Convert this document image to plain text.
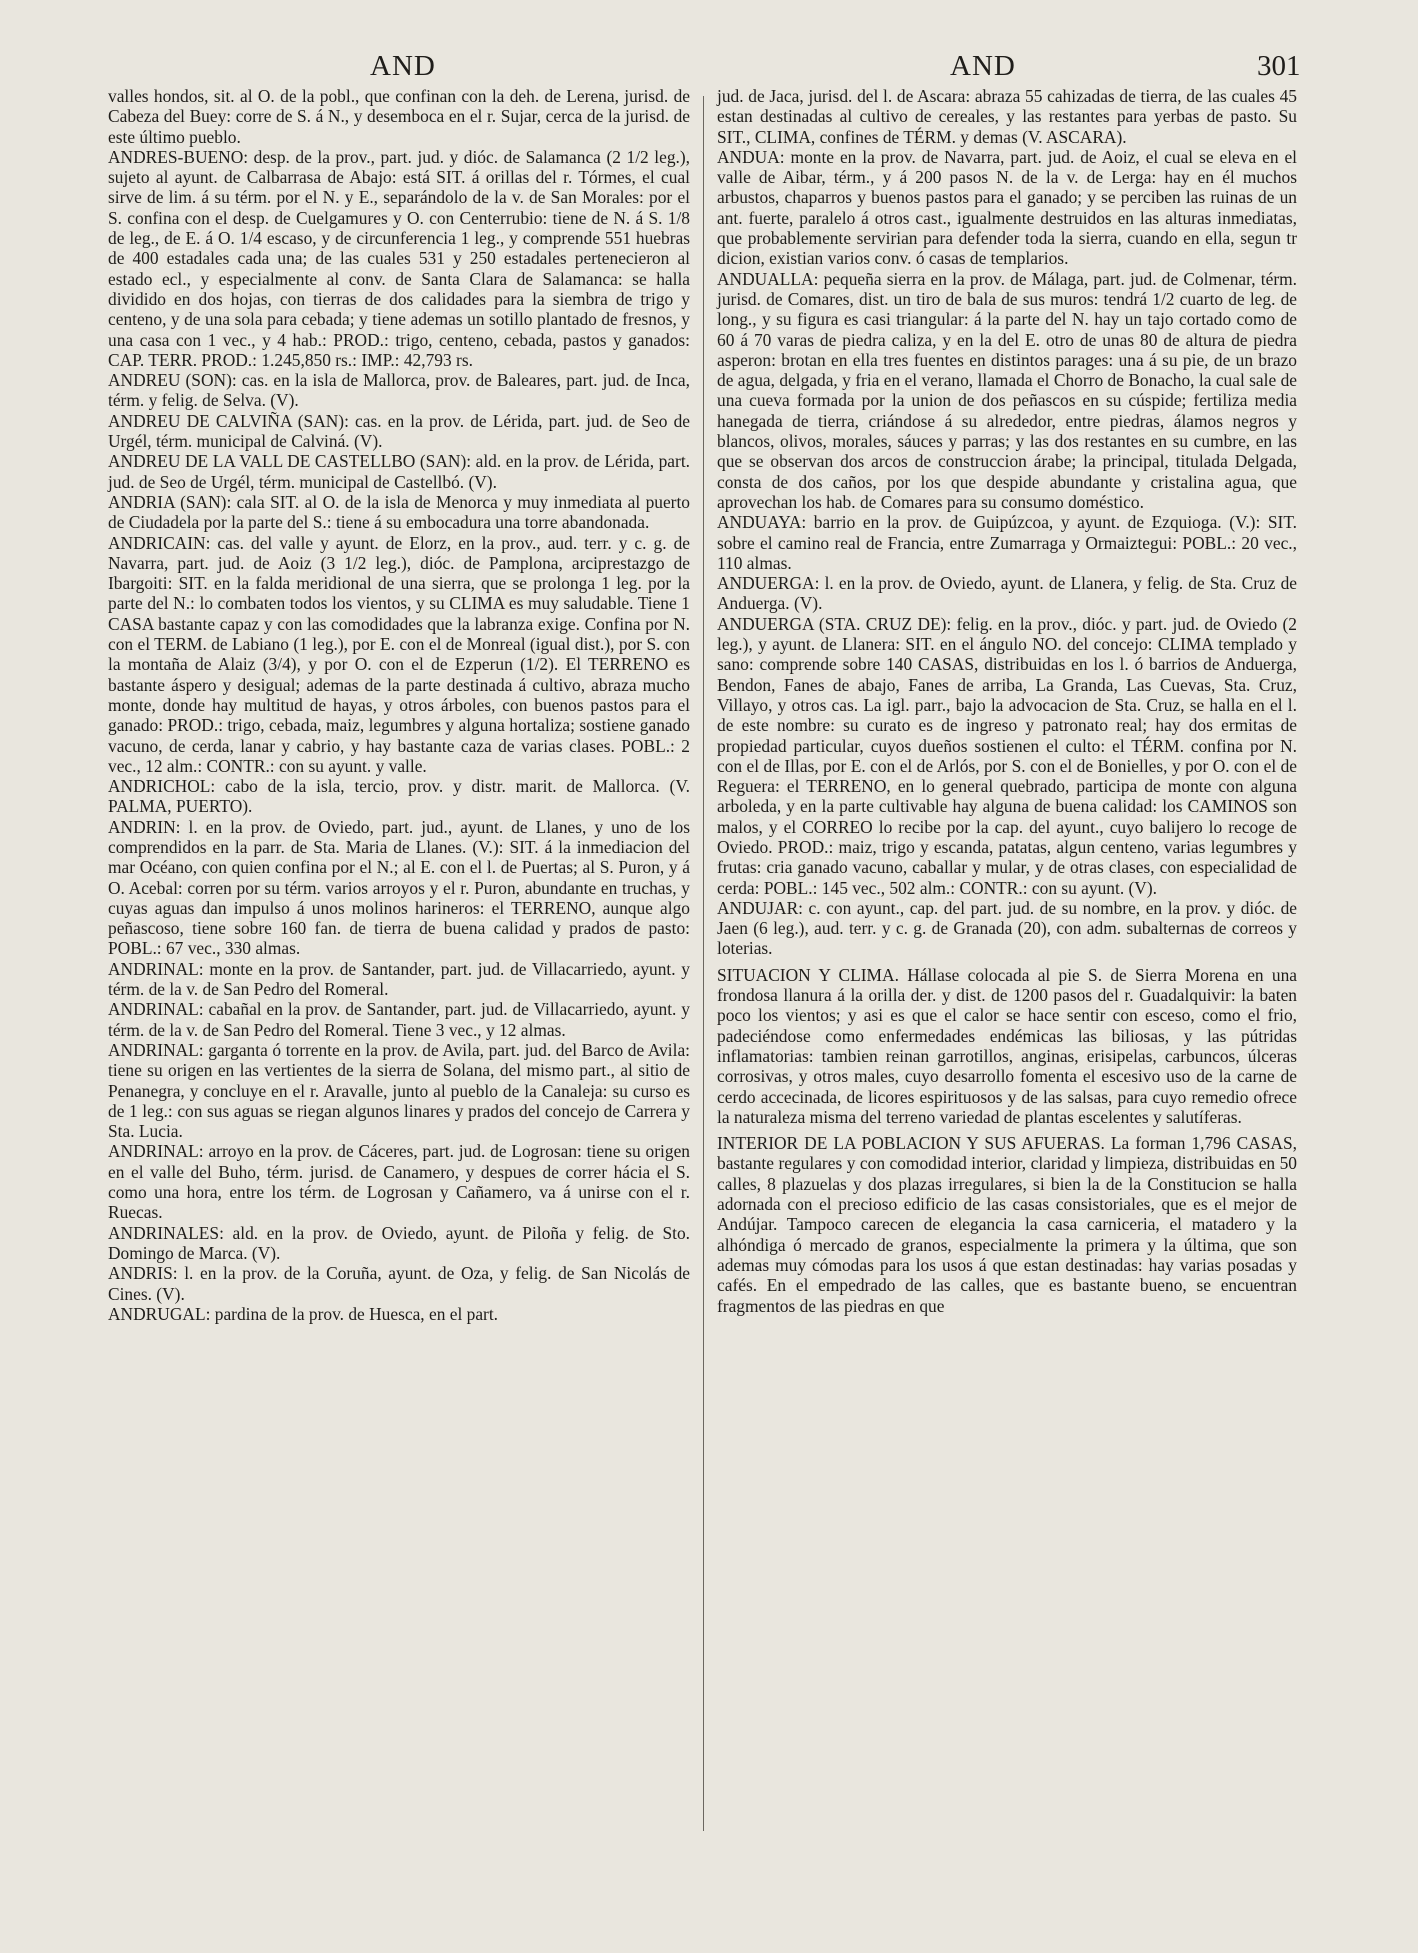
AND	AND	301

valles hondos, sit. al O. de la pobl., que confinan con la deh. de Lerena, jurisd. de Cabeza del Buey: corre de S. á N., y desemboca en el r. Sujar, cerca de la jurisd. de este último pueblo.

ANDRES-BUENO: desp. de la prov., part. jud. y dióc. de Salamanca (2 1/2 leg.), sujeto al ayunt. de Calbarrasa de Abajo: está SIT. á orillas del r. Tórmes, el cual sirve de lim. á su térm. por el N. y E., separándolo de la v. de San Morales: por el S. confina con el desp. de Cuelgamures y O. con Centerrubio: tiene de N. á S. 1/8 de leg., de E. á O. 1/4 escaso, y de circunferencia 1 leg., y comprende 551 huebras de 400 estadales cada una; de las cuales 531 y 250 estadales pertenecieron al estado ecl., y especialmente al conv. de Santa Clara de Salamanca: se halla dividido en dos hojas, con tierras de dos calidades para la siembra de trigo y centeno, y de una sola para cebada; y tiene ademas un sotillo plantado de fresnos, y una casa con 1 vec., y 4 hab.: PROD.: trigo, centeno, cebada, pastos y ganados: CAP. TERR. PROD.: 1.245,850 rs.: IMP.: 42,793 rs.

ANDREU (SON): cas. en la isla de Mallorca, prov. de Baleares, part. jud. de Inca, térm. y felig. de Selva. (V).

ANDREU DE CALVIÑA (SAN): cas. en la prov. de Lérida, part. jud. de Seo de Urgél, térm. municipal de Calviná. (V).

ANDREU DE LA VALL DE CASTELLBO (SAN): ald. en la prov. de Lérida, part. jud. de Seo de Urgél, térm. municipal de Castellbó. (V).

ANDRIA (SAN): cala SIT. al O. de la isla de Menorca y muy inmediata al puerto de Ciudadela por la parte del S.: tiene á su embocadura una torre abandonada.

ANDRICAIN: cas. del valle y ayunt. de Elorz, en la prov., aud. terr. y c. g. de Navarra, part. jud. de Aoiz (3 1/2 leg.), dióc. de Pamplona, arciprestazgo de Ibargoiti: SIT. en la falda meridional de una sierra, que se prolonga 1 leg. por la parte del N.: lo combaten todos los vientos, y su CLIMA es muy saludable. Tiene 1 CASA bastante capaz y con las comodidades que la labranza exige. Confina por N. con el TERM. de Labiano (1 leg.), por E. con el de Monreal (igual dist.), por S. con la montaña de Alaiz (3/4), y por O. con el de Ezperun (1/2). El TERRENO es bastante áspero y desigual; ademas de la parte destinada á cultivo, abraza mucho monte, donde hay multitud de hayas, y otros árboles, con buenos pastos para el ganado: PROD.: trigo, cebada, maiz, legumbres y alguna hortaliza; sostiene ganado vacuno, de cerda, lanar y cabrio, y hay bastante caza de varias clases. POBL.: 2 vec., 12 alm.: CONTR.: con su ayunt. y valle.

ANDRICHOL: cabo de la isla, tercio, prov. y distr. marit. de Mallorca. (V. PALMA, PUERTO).

ANDRIN: l. en la prov. de Oviedo, part. jud., ayunt. de Llanes, y uno de los comprendidos en la parr. de Sta. Maria de Llanes. (V.): SIT. á la inmediacion del mar Océano, con quien confina por el N.; al E. con el l. de Puertas; al S. Puron, y á O. Acebal: corren por su térm. varios arroyos y el r. Puron, abundante en truchas, y cuyas aguas dan impulso á unos molinos harineros: el TERRENO, aunque algo peñascoso, tiene sobre 160 fan. de tierra de buena calidad y prados de pasto: POBL.: 67 vec., 330 almas.

ANDRINAL: monte en la prov. de Santander, part. jud. de Villacarriedo, ayunt. y térm. de la v. de San Pedro del Romeral.

ANDRINAL: cabañal en la prov. de Santander, part. jud. de Villacarriedo, ayunt. y térm. de la v. de San Pedro del Romeral. Tiene 3 vec., y 12 almas.

ANDRINAL: garganta ó torrente en la prov. de Avila, part. jud. del Barco de Avila: tiene su origen en las vertientes de la sierra de Solana, del mismo part., al sitio de Penanegra, y concluye en el r. Aravalle, junto al pueblo de la Canaleja: su curso es de 1 leg.: con sus aguas se riegan algunos linares y prados del concejo de Carrera y Sta. Lucia.

ANDRINAL: arroyo en la prov. de Cáceres, part. jud. de Logrosan: tiene su origen en el valle del Buho, térm. jurisd. de Canamero, y despues de correr hácia el S. como una hora, entre los térm. de Logrosan y Cañamero, va á unirse con el r. Ruecas.

ANDRINALES: ald. en la prov. de Oviedo, ayunt. de Piloña y felig. de Sto. Domingo de Marca. (V).

ANDRIS: l. en la prov. de la Coruña, ayunt. de Oza, y felig. de San Nicolás de Cines. (V).

ANDRUGAL: pardina de la prov. de Huesca, en el part.

jud. de Jaca, jurisd. del l. de Ascara: abraza 55 cahizadas de tierra, de las cuales 45 estan destinadas al cultivo de cereales, y las restantes para yerbas de pasto. Su SIT., CLIMA, confines de TÉRM. y demas (V. ASCARA).

ANDUA: monte en la prov. de Navarra, part. jud. de Aoiz, el cual se eleva en el valle de Aibar, térm., y á 200 pasos N. de la v. de Lerga: hay en él muchos arbustos, chaparros y buenos pastos para el ganado; y se perciben las ruinas de un ant. fuerte, paralelo á otros cast., igualmente destruidos en las alturas inmediatas, que probablemente servirian para defender toda la sierra, cuando en ella, segun tr dicion, existian varios conv. ó casas de templarios.

ANDUALLA: pequeña sierra en la prov. de Málaga, part. jud. de Colmenar, térm. jurisd. de Comares, dist. un tiro de bala de sus muros: tendrá 1/2 cuarto de leg. de long., y su figura es casi triangular: á la parte del N. hay un tajo cortado como de 60 á 70 varas de piedra caliza, y en la del E. otro de unas 80 de altura de piedra asperon: brotan en ella tres fuentes en distintos parages: una á su pie, de un brazo de agua, delgada, y fria en el verano, llamada el Chorro de Bonacho, la cual sale de una cueva formada por la union de dos peñascos en su cúspide; fertiliza media hanegada de tierra, criándose á su alrededor, entre piedras, álamos negros y blancos, olivos, morales, sáuces y parras; y las dos restantes en su cumbre, en las que se observan dos arcos de construccion árabe; la principal, titulada Delgada, consta de dos caños, por los que despide abundante y cristalina agua, que aprovechan los hab. de Comares para su consumo doméstico.

ANDUAYA: barrio en la prov. de Guipúzcoa, y ayunt. de Ezquioga. (V.): SIT. sobre el camino real de Francia, entre Zumarraga y Ormaiztegui: POBL.: 20 vec., 110 almas.

ANDUERGA: l. en la prov. de Oviedo, ayunt. de Llanera, y felig. de Sta. Cruz de Anduerga. (V).

ANDUERGA (STA. CRUZ DE): felig. en la prov., dióc. y part. jud. de Oviedo (2 leg.), y ayunt. de Llanera: SIT. en el ángulo NO. del concejo: CLIMA templado y sano: comprende sobre 140 CASAS, distribuidas en los l. ó barrios de Anduerga, Bendon, Fanes de abajo, Fanes de arriba, La Granda, Las Cuevas, Sta. Cruz, Villayo, y otros cas. La igl. parr., bajo la advocacion de Sta. Cruz, se halla en el l. de este nombre: su curato es de ingreso y patronato real; hay dos ermitas de propiedad particular, cuyos dueños sostienen el culto: el TÉRM. confina por N. con el de Illas, por E. con el de Arlós, por S. con el de Bonielles, y por O. con el de Reguera: el TERRENO, en lo general quebrado, participa de monte con alguna arboleda, y en la parte cultivable hay alguna de buena calidad: los CAMINOS son malos, y el CORREO lo recibe por la cap. del ayunt., cuyo balijero lo recoge de Oviedo. PROD.: maiz, trigo y escanda, patatas, algun centeno, varias legumbres y frutas: cria ganado vacuno, caballar y mular, y de otras clases, con especialidad de cerda: POBL.: 145 vec., 502 alm.: CONTR.: con su ayunt. (V).

ANDUJAR: c. con ayunt., cap. del part. jud. de su nombre, en la prov. y dióc. de Jaen (6 leg.), aud. terr. y c. g. de Granada (20), con adm. subalternas de correos y loterias.

SITUACION Y CLIMA. Hállase colocada al pie S. de Sierra Morena en una frondosa llanura á la orilla der. y dist. de 1200 pasos del r. Guadalquivir: la baten poco los vientos; y asi es que el calor se hace sentir con esceso, como el frio, padeciéndose como enfermedades endémicas las biliosas, y las pútridas inflamatorias: tambien reinan garrotillos, anginas, erisipelas, carbuncos, úlceras corrosivas, y otros males, cuyo desarrollo fomenta el escesivo uso de la carne de cerdo accecinada, de licores espirituosos y de las salsas, para cuyo remedio ofrece la naturaleza misma del terreno variedad de plantas escelentes y salutíferas.

INTERIOR DE LA POBLACION Y SUS AFUERAS. La forman 1,796 CASAS, bastante regulares y con comodidad interior, claridad y limpieza, distribuidas en 50 calles, 8 plazuelas y dos plazas irregulares, si bien la de la Constitucion se halla adornada con el precioso edificio de las casas consistoriales, que es el mejor de Andújar. Tampoco carecen de elegancia la casa carniceria, el matadero y la alhóndiga ó mercado de granos, especialmente la primera y la última, que son ademas muy cómodas para los usos á que estan destinadas: hay varias posadas y cafés. En el empedrado de las calles, que es bastante bueno, se encuentran fragmentos de las piedras en que
